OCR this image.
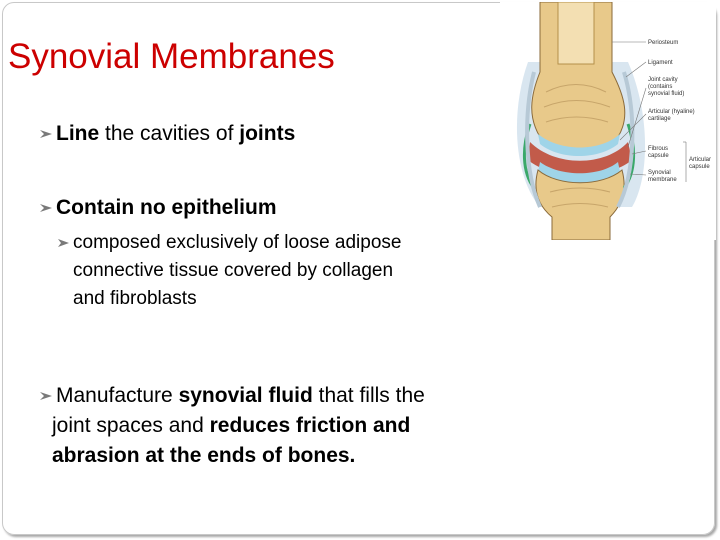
Synovial Membranes
Line the cavities of joints
Contain no epithelium
composed exclusively of loose adipose connective tissue covered by collagen and fibroblasts
Manufacture synovial fluid that fills the joint spaces and reduces friction and abrasion at the ends of bones.
Periosteum
Ligament
Joint cavity
(contains
synovial fluid)
Articular (hyaline)
cartilage
Fibrous
capsule
Synovial
membrane
Articular
capsule
